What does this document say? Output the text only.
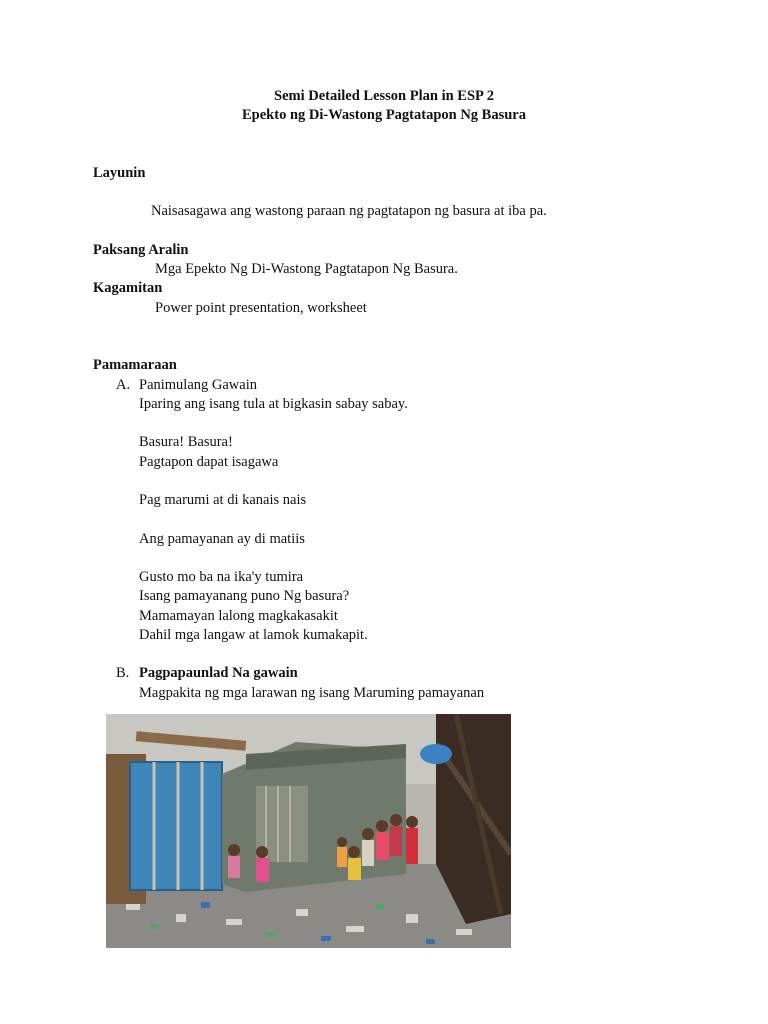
Semi Detailed Lesson Plan in ESP 2
Epekto ng Di-Wastong Pagtatapon Ng Basura
Layunin
Naisasagawa ang wastong paraan ng pagtatapon ng basura at iba pa.
Paksang Aralin
Mga Epekto Ng Di-Wastong Pagtatapon Ng Basura.
Kagamitan
Power point presentation, worksheet
Pamamaraan
A. Panimulang Gawain
Iparing ang isang tula at bigkasin sabay sabay.
Basura! Basura!
Pagtapon dapat isagawa
Pag marumi at di kanais nais
Ang pamayanan ay di matiis
Gusto mo ba na ika'y tumira
Isang pamayanang puno Ng basura?
Mamamayan lalong magkakasakit
Dahil mga langaw at lamok kumakapit.
B. Pagpapaunlad Na gawain
Magpakita ng mga larawan ng isang Maruming pamayanan
